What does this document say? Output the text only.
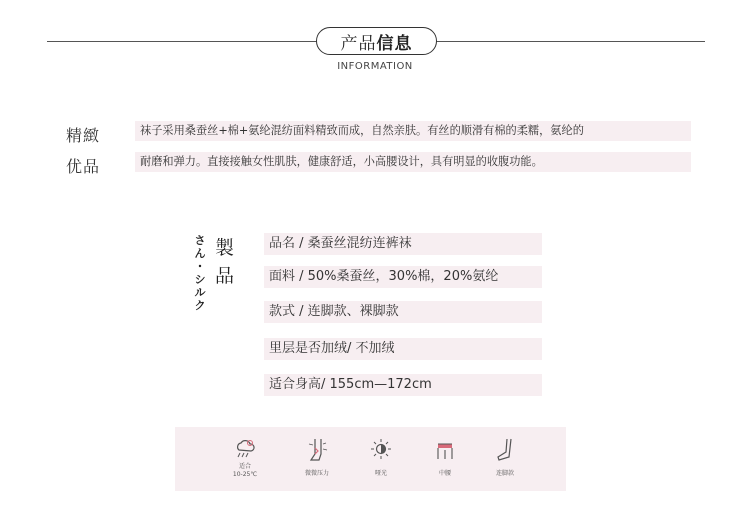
产品 信息
INFORMATION
精緻
优品
袜子采用桑蚕丝+棉+氨纶混纺面料精致而成，自然亲肤。有丝的顺滑有棉的柔糯，氨纶的
耐磨和弹力。直接接触女性肌肤，健康舒适，小高腰设计，具有明显的收腹功能。
さ
ん
・
シ
ル
ク
製
品
品名 / 桑蚕丝混纺连裤袜
面料 / 50%桑蚕丝，30%棉，20%氨纶
款式 / 连脚款、裸脚款
里层是否加绒/ 不加绒
适合身高/ 155cm—172cm
适合
10-25℃	微微压力	哑光	中腰	连脚款
